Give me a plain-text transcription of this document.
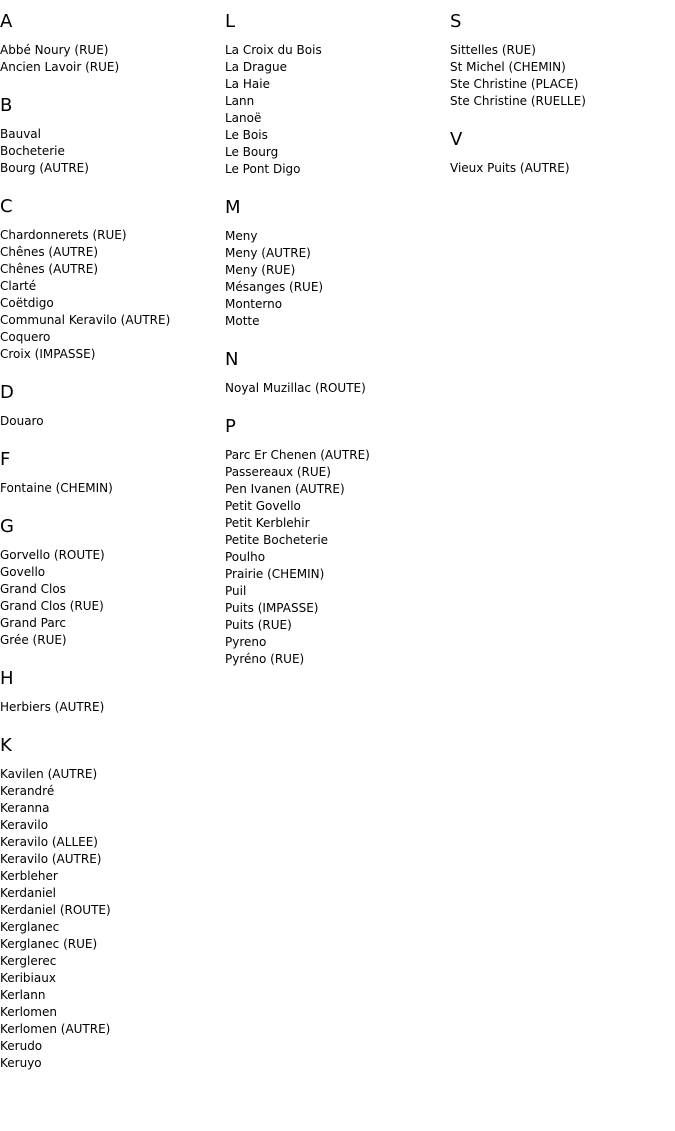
A
Abbé Noury (RUE)
Ancien Lavoir (RUE)
B
Bauval
Bocheterie
Bourg (AUTRE)
C
Chardonnerets (RUE)
Chênes (AUTRE)
Chênes (AUTRE)
Clarté
Coëtdigo
Communal Keravilo (AUTRE)
Coquero
Croix (IMPASSE)
D
Douaro
F
Fontaine (CHEMIN)
G
Gorvello (ROUTE)
Govello
Grand Clos
Grand Clos (RUE)
Grand Parc
Grée (RUE)
H
Herbiers (AUTRE)
K
Kavilen (AUTRE)
Kerandré
Keranna
Keravilo
Keravilo (ALLEE)
Keravilo (AUTRE)
Kerbleher
Kerdaniel
Kerdaniel (ROUTE)
Kerglanec
Kerglanec (RUE)
Kerglerec
Keribiaux
Kerlann
Kerlomen
Kerlomen (AUTRE)
Kerudo
Keruyo
L
La Croix du Bois
La Drague
La Haie
Lann
Lanoë
Le Bois
Le Bourg
Le Pont Digo
M
Meny
Meny (AUTRE)
Meny (RUE)
Mésanges (RUE)
Monterno
Motte
N
Noyal Muzillac (ROUTE)
P
Parc Er Chenen (AUTRE)
Passereaux (RUE)
Pen Ivanen (AUTRE)
Petit Govello
Petit Kerblehir
Petite Bocheterie
Poulho
Prairie (CHEMIN)
Puil
Puits (IMPASSE)
Puits (RUE)
Pyreno
Pyréno (RUE)
S
Sittelles (RUE)
St Michel (CHEMIN)
Ste Christine (PLACE)
Ste Christine (RUELLE)
V
Vieux Puits (AUTRE)
